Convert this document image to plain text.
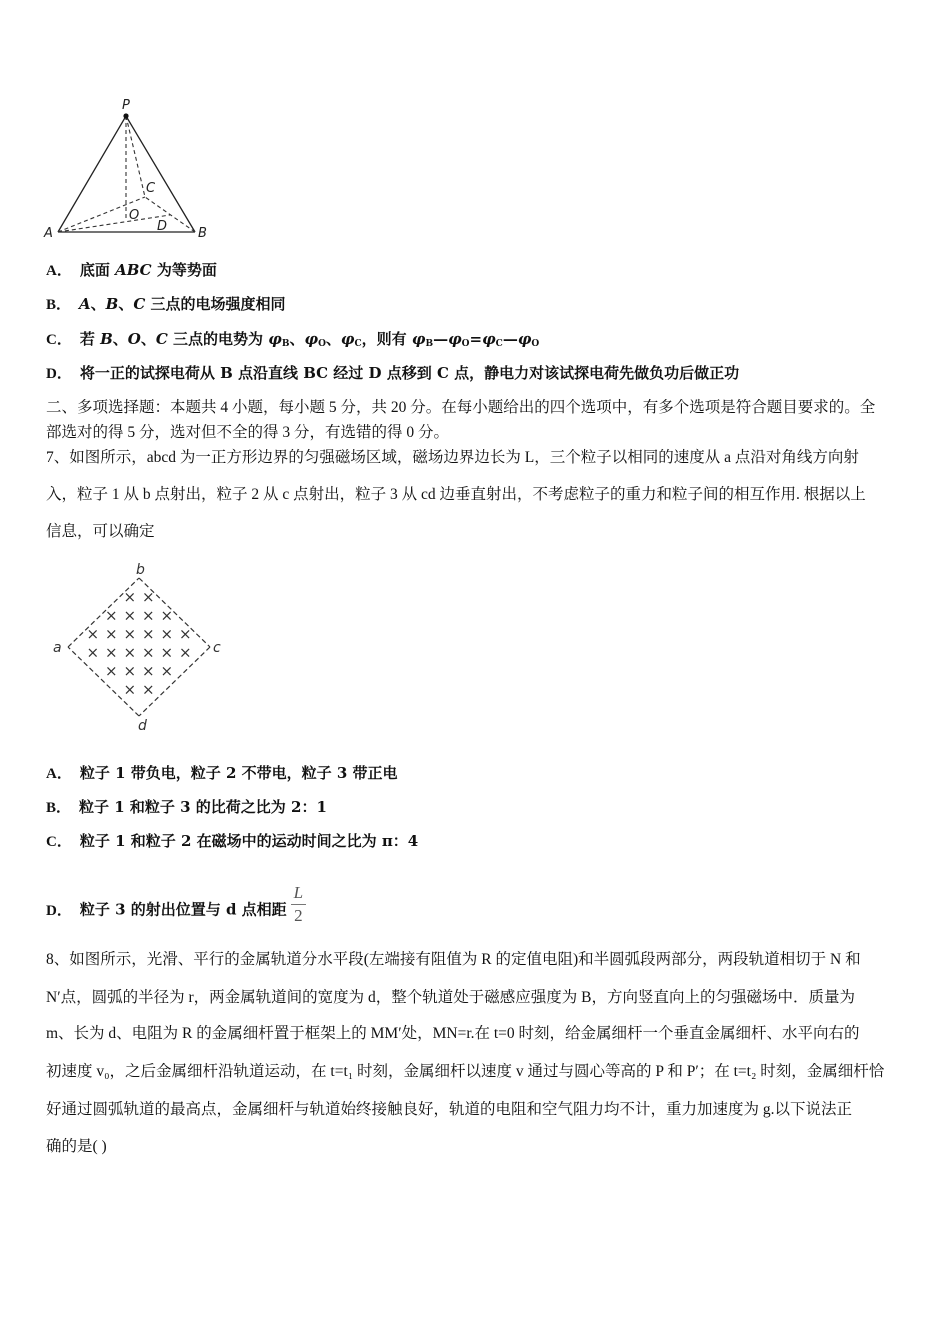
P
A	B
C
O
D
A． 底面 ABC 为等势面
B． A、B、C 三点的电场强度相同
C． 若 B、O、C 三点的电势为 $\varphi_B$、$\varphi_O$、$\varphi_C$，则有 $\varphi_B—\varphi_O=\varphi_C—\varphi_O$
D． 将一正的试探电荷从 B 点沿直线 BC 经过 D 点移到 C 点，静电力对该试探电荷先做负功后做正功
二、多项选择题：本题共 4 小题，每小题 5 分，共 20 分。在每小题给出的四个选项中，有多个选项是符合题目要求的。全
部选对的得 5 分，选对但不全的得 3 分，有选错的得 0 分。
7、如图所示，abcd 为一正方形边界的匀强磁场区域，磁场边界边长为 L，三个粒子以相同的速度从 a 点沿对角线方向射
入，粒子 1 从 b 点射出，粒子 2 从 c 点射出，粒子 3 从 cd 边垂直射出，不考虑粒子的重力和粒子间的相互作用. 根据以上
信息，可以确定
× ×
× × × ×
× × × × × ×
× × × × × ×
× × × ×
× ×
a
b
c
d
A． 粒子 1 带负电，粒子 2 不带电，粒子 3 带正电
B． 粒子 1 和粒子 3 的比荷之比为 2：1
C． 粒子 1 和粒子 2 在磁场中的运动时间之比为 π：4
D． 粒子 3 的射出位置与 d 点相距 $\frac{L}{2}$
8、如图所示，光滑、平行的金属轨道分水平段(左端接有阻值为 R 的定值电阻)和半圆弧段两部分，两段轨道相切于 N 和
N′点，圆弧的半径为 r，两金属轨道间的宽度为 d，整个轨道处于磁感应强度为 B，方向竖直向上的匀强磁场中．质量为
m、长为 d、电阻为 R 的金属细杆置于框架上的 MM′处，MN=r.在 t=0 时刻，给金属细杆一个垂直金属细杆、水平向右的
初速度 v₀，之后金属细杆沿轨道运动，在 t=t₁ 时刻，金属细杆以速度 v 通过与圆心等高的 P 和 P′；在 t=t₂ 时刻，金属细杆恰
好通过圆弧轨道的最高点，金属细杆与轨道始终接触良好，轨道的电阻和空气阻力均不计，重力加速度为 g.以下说法正
确的是( )
